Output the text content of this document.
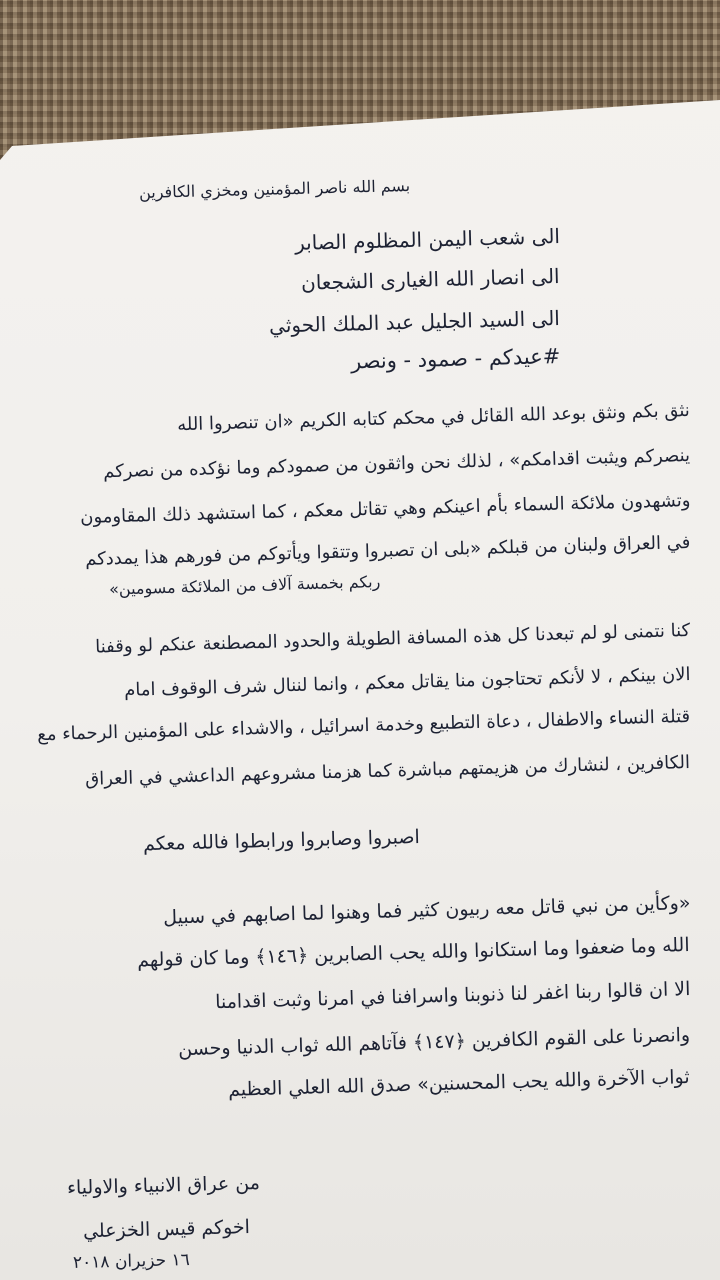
بسم الله ناصر المؤمنين ومخزي الكافرين
الى شعب اليمن المظلوم الصابر
الى انصار الله الغيارى الشجعان
الى السيد الجليل عبد الملك الحوثي
#عيدكم - صمود - ونصر
نثق بكم ونثق بوعد الله القائل في محكم كتابه الكريم «ان تنصروا الله
ينصركم ويثبت اقدامكم» ، لذلك نحن واثقون من صمودكم وما نؤكده من نصركم
وتشهدون ملائكة السماء بأم اعينكم وهي تقاتل معكم ، كما استشهد ذلك المقاومون
في العراق ولبنان من قبلكم «بلى ان تصبروا وتتقوا ويأتوكم من فورهم هذا يمددكم
ربكم بخمسة آلاف من الملائكة مسومين»
كنا نتمنى لو لم تبعدنا كل هذه المسافة الطويلة والحدود المصطنعة عنكم لو وقفنا
الان بينكم ، لا لأنكم تحتاجون منا يقاتل معكم ، وانما لننال شرف الوقوف امام
قتلة النساء والاطفال ، دعاة التطبيع وخدمة اسرائيل ، والاشداء على المؤمنين الرحماء مع
الكافرين ، لنشارك من هزيمتهم مباشرة كما هزمنا مشروعهم الداعشي في العراق
اصبروا وصابروا ورابطوا فالله معكم
«وكأين من نبي قاتل معه ربيون كثير فما وهنوا لما اصابهم في سبيل
الله وما ضعفوا وما استكانوا والله يحب الصابرين ﴿١٤٦﴾ وما كان قولهم
الا ان قالوا ربنا اغفر لنا ذنوبنا واسرافنا في امرنا وثبت اقدامنا
وانصرنا على القوم الكافرين ﴿١٤٧﴾ فآتاهم الله ثواب الدنيا وحسن
ثواب الآخرة والله يحب المحسنين» صدق الله العلي العظيم
من عراق الانبياء والاولياء
اخوكم قيس الخزعلي
١٦ حزيران ٢٠١٨
